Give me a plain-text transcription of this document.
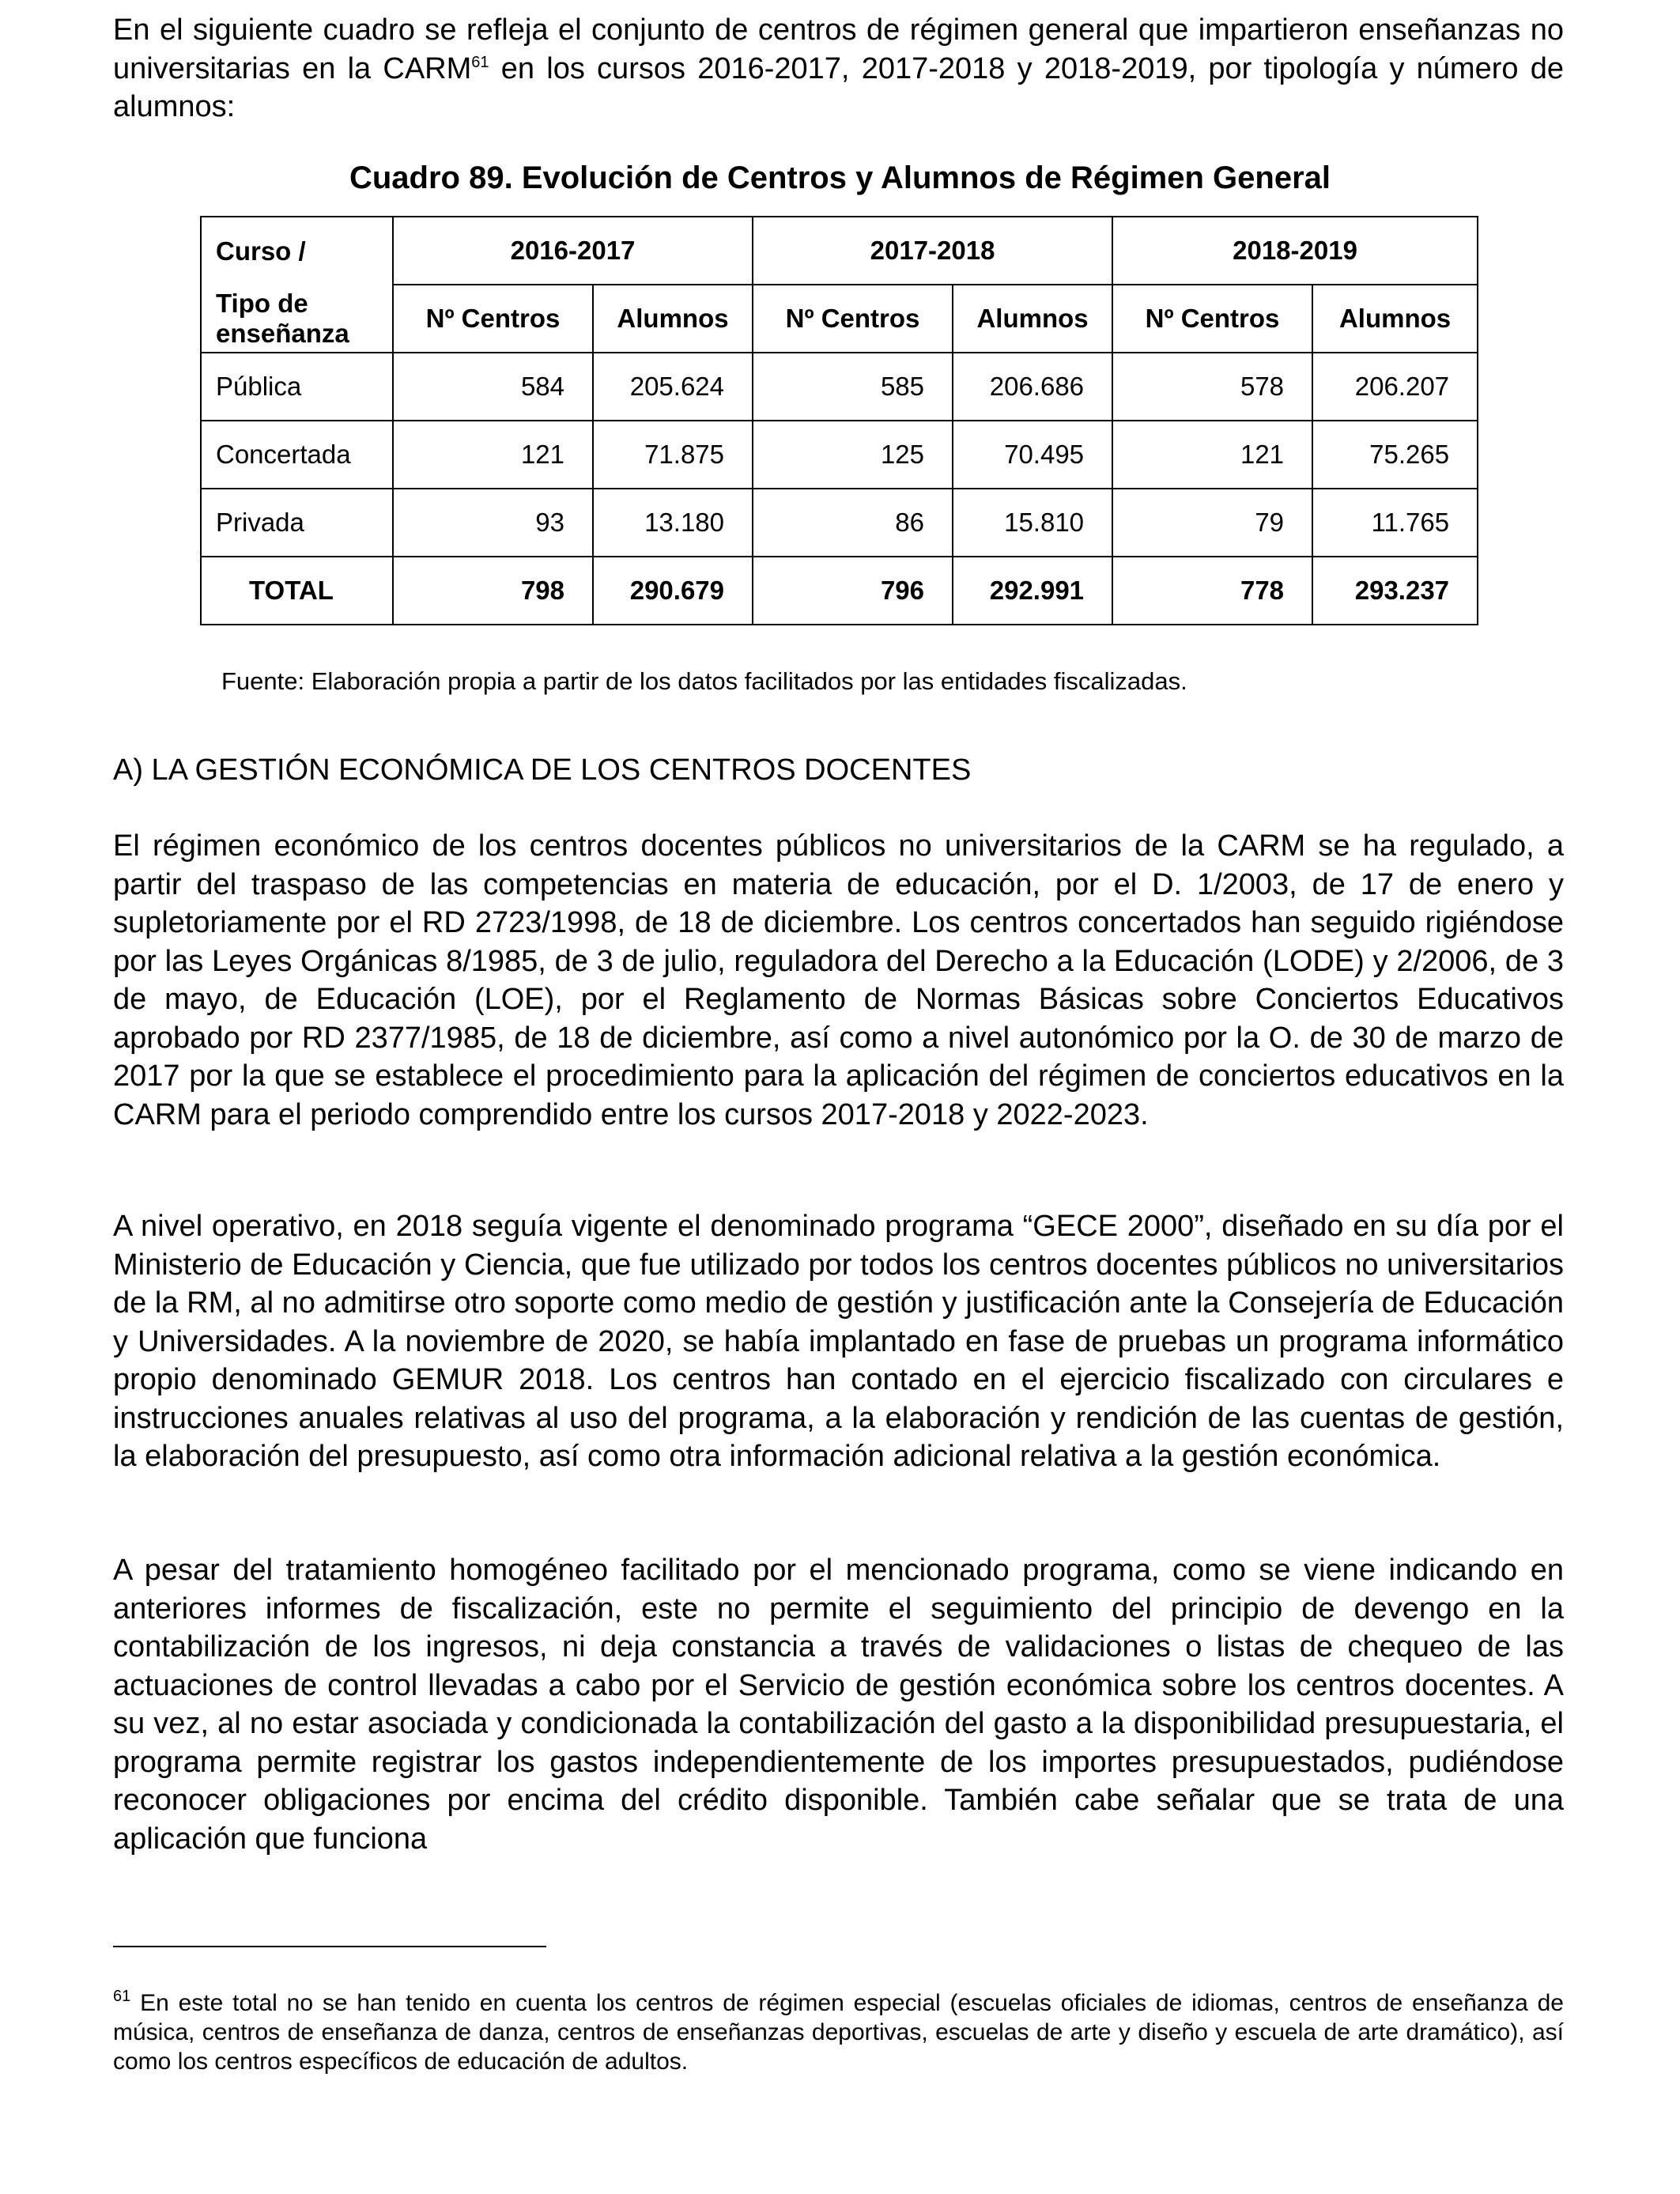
En el siguiente cuadro se refleja el conjunto de centros de régimen general que impartieron enseñanzas no universitarias en la CARM$^{61}$ en los cursos 2016-2017, 2017-2018 y 2018-2019, por tipología y número de alumnos:

Cuadro 89. Evolución de Centros y Alumnos de Régimen General

Curso /	2016-2017		2017-2018		2018-2019	
Tipo de enseñanza	Nº Centros	Alumnos	Nº Centros	Alumnos	Nº Centros	Alumnos
Pública	584	205.624	585	206.686	578	206.207
Concertada	121	71.875	125	70.495	121	75.265
Privada	93	13.180	86	15.810	79	11.765
TOTAL	798	290.679	796	292.991	778	293.237

Fuente: Elaboración propia a partir de los datos facilitados por las entidades fiscalizadas.

A) LA GESTIÓN ECONÓMICA DE LOS CENTROS DOCENTES

El régimen económico de los centros docentes públicos no universitarios de la CARM se ha regulado, a partir del traspaso de las competencias en materia de educación, por el D. 1/2003, de 17 de enero y supletoriamente por el RD 2723/1998, de 18 de diciembre. Los centros concertados han seguido rigiéndose por las Leyes Orgánicas 8/1985, de 3 de julio, reguladora del Derecho a la Educación (LODE) y 2/2006, de 3 de mayo, de Educación (LOE), por el Reglamento de Normas Básicas sobre Conciertos Educativos aprobado por RD 2377/1985, de 18 de diciembre, así como a nivel autonómico por la O. de 30 de marzo de 2017 por la que se establece el procedimiento para la aplicación del régimen de conciertos educativos en la CARM para el periodo comprendido entre los cursos 2017-2018 y 2022-2023.

A nivel operativo, en 2018 seguía vigente el denominado programa “GECE 2000”, diseñado en su día por el Ministerio de Educación y Ciencia, que fue utilizado por todos los centros docentes públicos no universitarios de la RM, al no admitirse otro soporte como medio de gestión y justificación ante la Consejería de Educación y Universidades. A la noviembre de 2020, se había implantado en fase de pruebas un programa informático propio denominado GEMUR 2018. Los centros han contado en el ejercicio fiscalizado con circulares e instrucciones anuales relativas al uso del programa, a la elaboración y rendición de las cuentas de gestión, la elaboración del presupuesto, así como otra información adicional relativa a la gestión económica.

A pesar del tratamiento homogéneo facilitado por el mencionado programa, como se viene indicando en anteriores informes de fiscalización, este no permite el seguimiento del principio de devengo en la contabilización de los ingresos, ni deja constancia a través de validaciones o listas de chequeo de las actuaciones de control llevadas a cabo por el Servicio de gestión económica sobre los centros docentes. A su vez, al no estar asociada y condicionada la contabilización del gasto a la disponibilidad presupuestaria, el programa permite registrar los gastos independientemente de los importes presupuestados, pudiéndose reconocer obligaciones por encima del crédito disponible. También cabe señalar que se trata de una aplicación que funciona

$^{61}$ En este total no se han tenido en cuenta los centros de régimen especial (escuelas oficiales de idiomas, centros de enseñanza de música, centros de enseñanza de danza, centros de enseñanzas deportivas, escuelas de arte y diseño y escuela de arte dramático), así como los centros específicos de educación de adultos.
